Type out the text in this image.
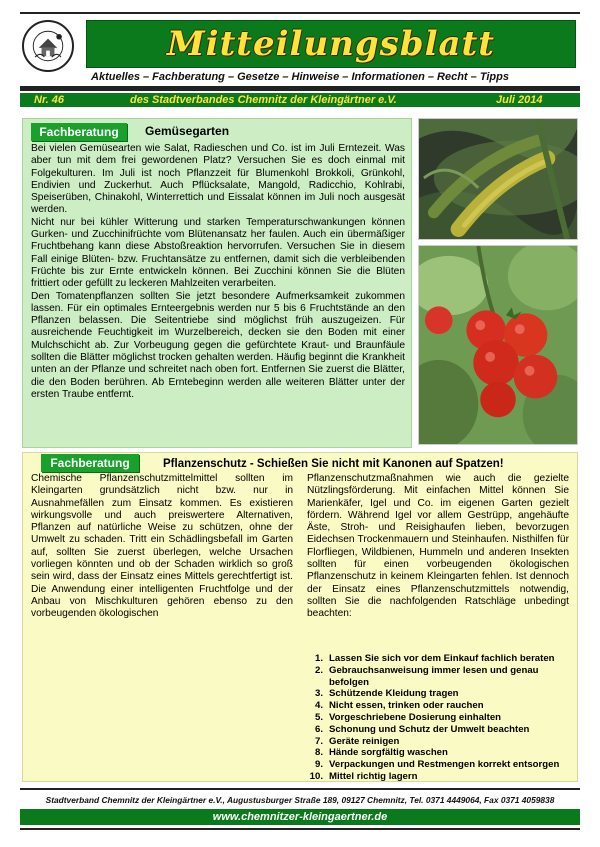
Mitteilungsblatt
Aktuelles – Fachberatung – Gesetze – Hinweise – Informationen – Recht – Tipps
Nr. 46	des Stadtverbandes Chemnitz der Kleingärtner e.V.	Juli 2014
Fachberatung	Gemüsegarten

Bei vielen Gemüsearten wie Salat, Radieschen und Co. ist im Juli Erntezeit. Was aber tun mit dem frei gewordenen Platz? Versuchen Sie es doch einmal mit Folgekulturen. Im Juli ist noch Pflanzzeit für Blumenkohl Brokkoli, Grünkohl, Endivien und Zuckerhut. Auch Pflücksalate, Mangold, Radicchio, Kohlrabi, Speiserüben, Chinakohl, Winterrettich und Eissalat können im Juli noch ausgesät werden.

Nicht nur bei kühler Witterung und starken Temperaturschwankungen können Gurken- und Zucchinifrüchte vom Blütenansatz her faulen. Auch ein übermäßiger Fruchtbehang kann diese Abstoßreaktion hervorrufen. Versuchen Sie in diesem Fall einige Blüten- bzw. Fruchtansätze zu entfernen, damit sich die verbleibenden Früchte bis zur Ernte entwickeln können. Bei Zucchini können Sie die Blüten frittiert oder gefüllt zu leckeren Mahlzeiten verarbeiten.

Den Tomatenpflanzen sollten Sie jetzt besondere Aufmerksamkeit zukommen lassen. Für ein optimales Ernteergebnis werden nur 5 bis 6 Fruchtstände an den Pflanzen belassen. Die Seitentriebe sind möglichst früh auszugeizen. Für ausreichende Feuchtigkeit im Wurzelbereich, decken sie den Boden mit einer Mulchschicht ab. Zur Vorbeugung gegen die gefürchtete Kraut- und Braunfäule sollten die Blätter möglichst trocken gehalten werden. Häufig beginnt die Krankheit unten an der Pflanze und schreitet nach oben fort. Entfernen Sie zuerst die Blätter, die den Boden berühren. Ab Erntebeginn werden alle weiteren Blätter unter der ersten Traube entfernt.

Fachberatung	Pflanzenschutz - Schießen Sie nicht mit Kanonen auf Spatzen!
Chemische Pflanzenschutzmittelmittel sollten im Kleingarten grundsätzlich nicht bzw. nur in Ausnahmefällen zum Einsatz kommen. Es existieren wirkungsvolle und auch preiswertere Alternativen, Pflanzen auf natürliche Weise zu schützen, ohne der Umwelt zu schaden. Tritt ein Schädlingsbefall im Garten auf, sollten Sie zuerst überlegen, welche Ursachen vorliegen könnten und ob der Schaden wirklich so groß sein wird, dass der Einsatz eines Mittels gerechtfertigt ist. Die Anwendung einer intelligenten Fruchtfolge und der Anbau von Mischkulturen gehören ebenso zu den vorbeugenden ökologischen
Pflanzenschutzmaßnahmen wie auch die gezielte Nützlingsförderung. Mit einfachen Mittel können Sie Marienkäfer, Igel und Co. im eigenen Garten gezielt fördern. Während Igel vor allem Gestrüpp, angehäufte Äste, Stroh- und Reisighaufen lieben, bevorzugen Eidechsen Trockenmauern und Steinhaufen. Nisthilfen für Florfliegen, Wildbienen, Hummeln und anderen Insekten sollten für einen vorbeugenden ökologischen Pflanzenschutz in keinem Kleingarten fehlen. Ist dennoch der Einsatz eines Pflanzenschutzmittels notwendig, sollten Sie die nachfolgenden Ratschläge unbedingt beachten:
1. Lassen Sie sich vor dem Einkauf fachlich beraten
2. Gebrauchsanweisung immer lesen und genau befolgen
3. Schützende Kleidung tragen
4. Nicht essen, trinken oder rauchen
5. Vorgeschriebene Dosierung einhalten
6. Schonung und Schutz der Umwelt beachten
7. Geräte reinigen
8. Hände sorgfältig waschen
9. Verpackungen und Restmengen korrekt entsorgen
10. Mittel richtig lagern
Stadtverband Chemnitz der Kleingärtner e.V., Augustusburger Straße 189, 09127 Chemnitz, Tel. 0371 4449064, Fax 0371 4059838
www.chemnitzer-kleingaertner.de
